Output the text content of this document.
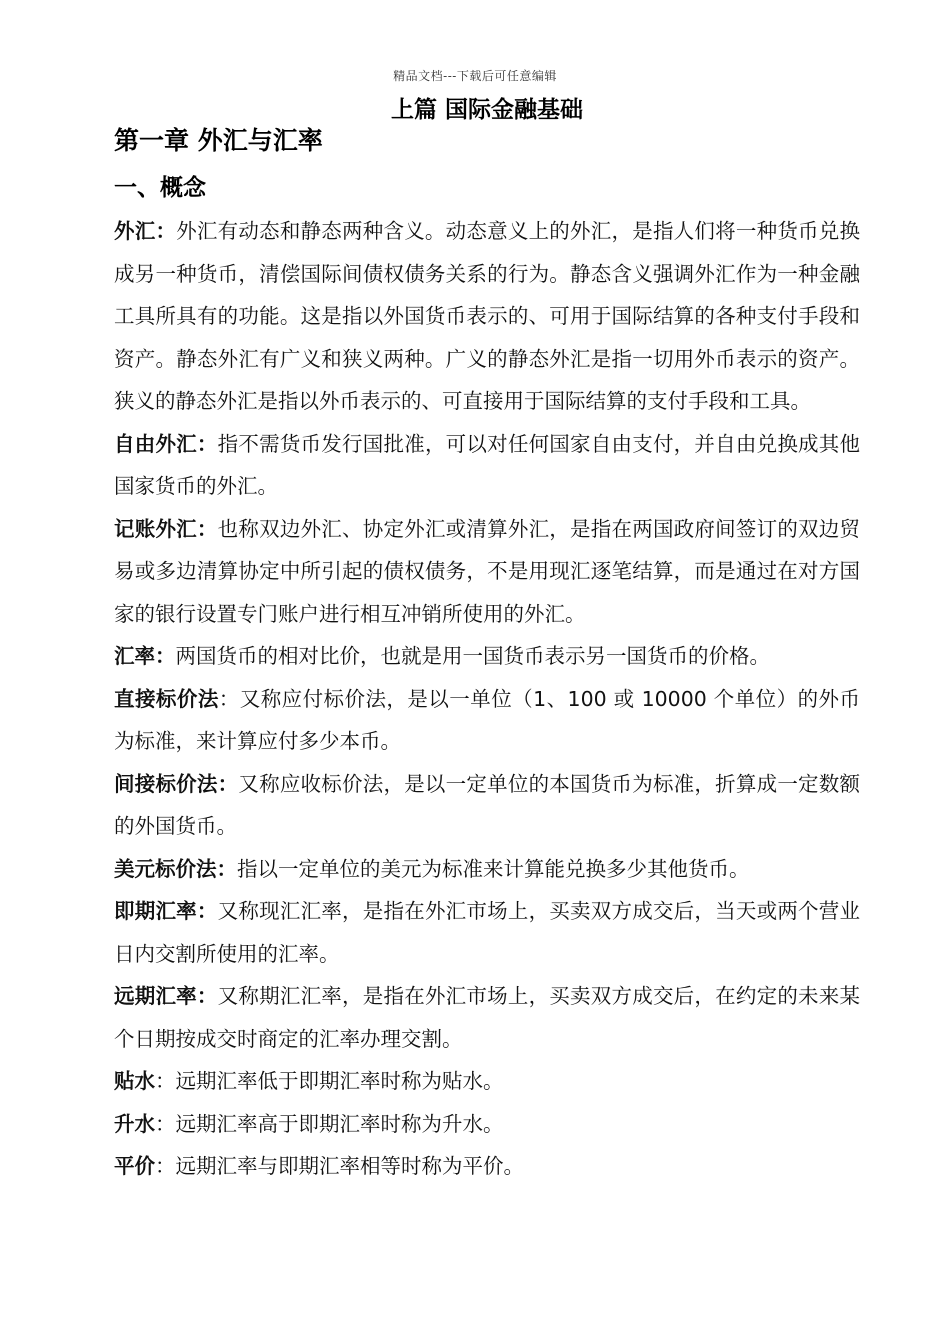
精品文档---下载后可任意编辑
上篇 国际金融基础
第一章 外汇与汇率
一、概念

外汇：外汇有动态和静态两种含义。动态意义上的外汇，是指人们将一种货币兑换成另一种货币，清偿国际间债权债务关系的行为。静态含义强调外汇作为一种金融工具所具有的功能。这是指以外国货币表示的、可用于国际结算的各种支付手段和资产。静态外汇有广义和狭义两种。广义的静态外汇是指一切用外币表示的资产。狭义的静态外汇是指以外币表示的、可直接用于国际结算的支付手段和工具。

自由外汇：指不需货币发行国批准，可以对任何国家自由支付，并自由兑换成其他国家货币的外汇。

记账外汇：也称双边外汇、协定外汇或清算外汇，是指在两国政府间签订的双边贸易或多边清算协定中所引起的债权债务，不是用现汇逐笔结算，而是通过在对方国家的银行设置专门账户进行相互冲销所使用的外汇。

汇率：两国货币的相对比价，也就是用一国货币表示另一国货币的价格。

直接标价法：又称应付标价法，是以一单位（1、100 或 10000 个单位）的外币为标准，来计算应付多少本币。

间接标价法：又称应收标价法，是以一定单位的本国货币为标准，折算成一定数额的外国货币。

美元标价法：指以一定单位的美元为标准来计算能兑换多少其他货币。

即期汇率：又称现汇汇率，是指在外汇市场上，买卖双方成交后，当天或两个营业日内交割所使用的汇率。

远期汇率：又称期汇汇率，是指在外汇市场上，买卖双方成交后，在约定的未来某个日期按成交时商定的汇率办理交割。

贴水：远期汇率低于即期汇率时称为贴水。

升水：远期汇率高于即期汇率时称为升水。

平价：远期汇率与即期汇率相等时称为平价。
